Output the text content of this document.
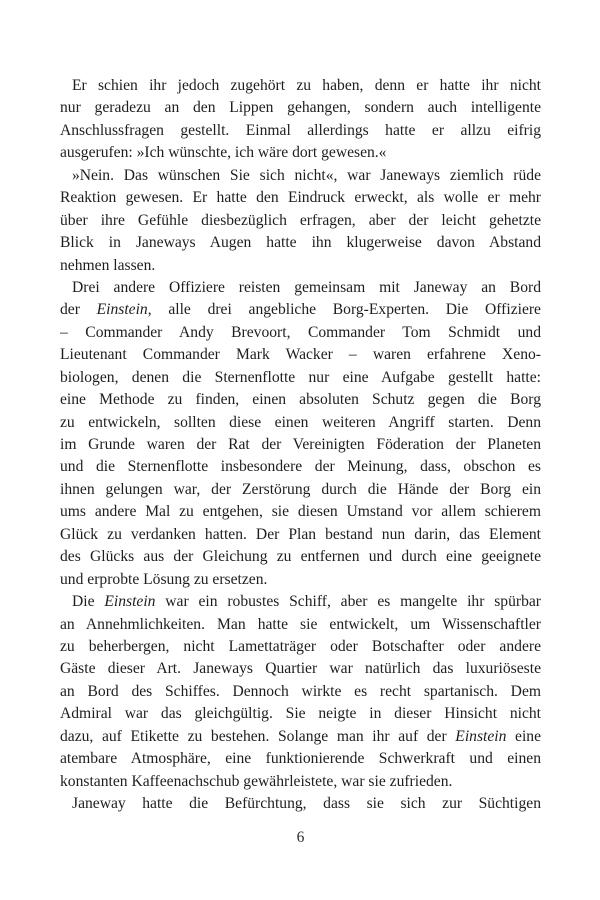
Er schien ihr jedoch zugehört zu haben, denn er hatte ihr nicht
nur geradezu an den Lippen gehangen, sondern auch intelligente
Anschlussfragen gestellt. Einmal allerdings hatte er allzu eifrig
ausgerufen: »Ich wünschte, ich wäre dort gewesen.«
»Nein. Das wünschen Sie sich nicht«, war Janeways ziemlich rüde
Reaktion gewesen. Er hatte den Eindruck erweckt, als wolle er mehr
über ihre Gefühle diesbezüglich erfragen, aber der leicht gehetzte
Blick in Janeways Augen hatte ihn klugerweise davon Abstand
nehmen lassen.
Drei andere Offiziere reisten gemeinsam mit Janeway an Bord
der Einstein, alle drei angebliche Borg-Experten. Die Offiziere
– Commander Andy Brevoort, Commander Tom Schmidt und
Lieutenant Commander Mark Wacker – waren erfahrene Xeno-
biologen, denen die Sternenflotte nur eine Aufgabe gestellt hatte:
eine Methode zu finden, einen absoluten Schutz gegen die Borg
zu entwickeln, sollten diese einen weiteren Angriff starten. Denn
im Grunde waren der Rat der Vereinigten Föderation der Planeten
und die Sternenflotte insbesondere der Meinung, dass, obschon es
ihnen gelungen war, der Zerstörung durch die Hände der Borg ein
ums andere Mal zu entgehen, sie diesen Umstand vor allem schierem
Glück zu verdanken hatten. Der Plan bestand nun darin, das Element
des Glücks aus der Gleichung zu entfernen und durch eine geeignete
und erprobte Lösung zu ersetzen.
Die Einstein war ein robustes Schiff, aber es mangelte ihr spürbar
an Annehmlichkeiten. Man hatte sie entwickelt, um Wissenschaftler
zu beherbergen, nicht Lamettaträger oder Botschafter oder andere
Gäste dieser Art. Janeways Quartier war natürlich das luxuriöseste
an Bord des Schiffes. Dennoch wirkte es recht spartanisch. Dem
Admiral war das gleichgültig. Sie neigte in dieser Hinsicht nicht
dazu, auf Etikette zu bestehen. Solange man ihr auf der Einstein eine
atembare Atmosphäre, eine funktionierende Schwerkraft und einen
konstanten Kaffeenachschub gewährleistete, war sie zufrieden.
Janeway hatte die Befürchtung, dass sie sich zur Süchtigen
6
